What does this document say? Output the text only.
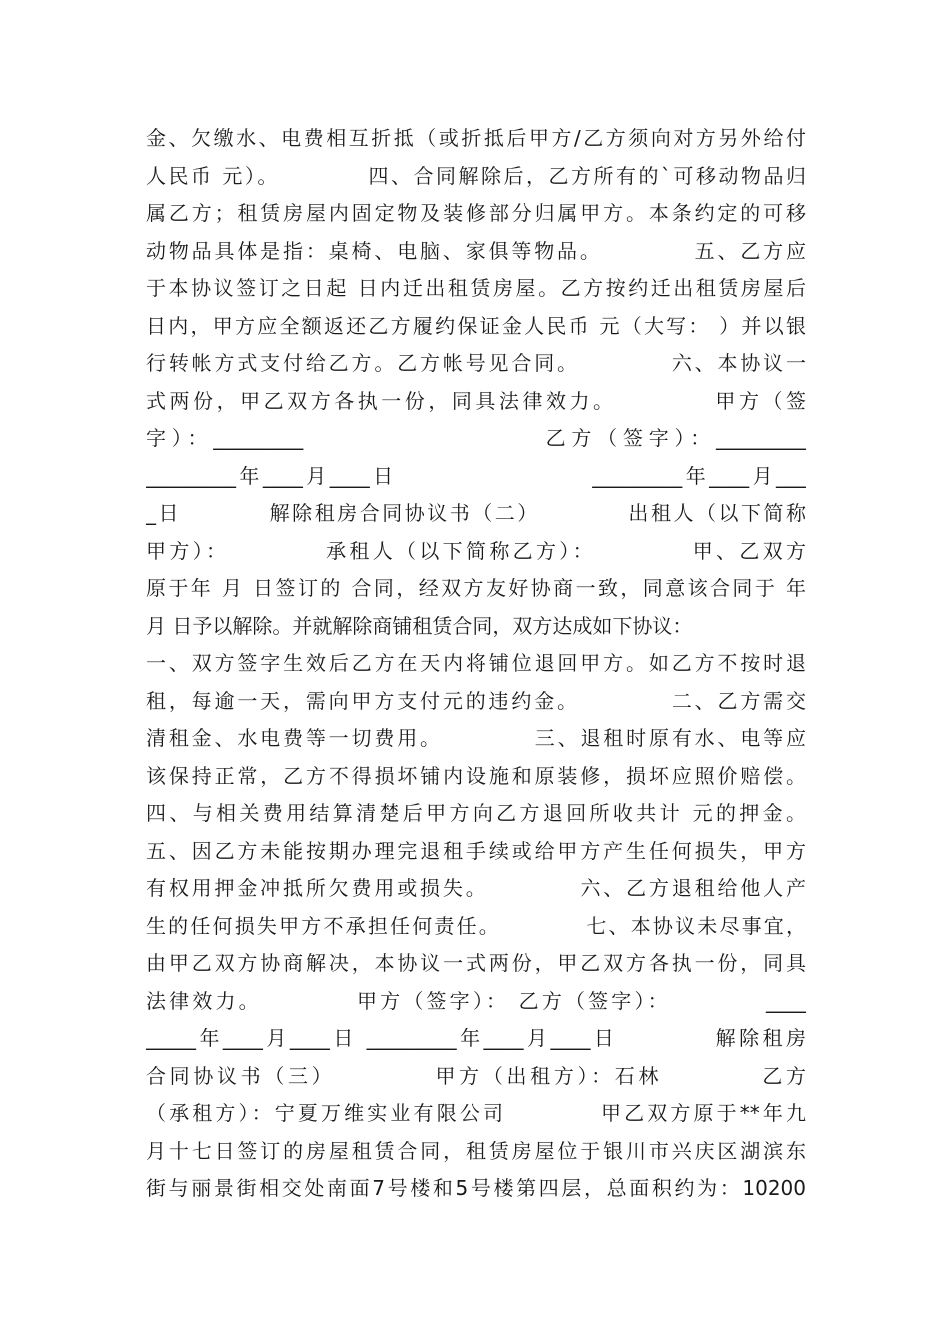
金、欠缴水、电费相互折抵（或折抵后甲方/乙方须向对方另外给付
人民币 元）。          四、合同解除后，乙方所有的`可移动物品归
属乙方；租赁房屋内固定物及装修部分归属甲方。本条约定的可移
动物品具体是指：桌椅、电脑、家俱等物品。          五、乙方应
于本协议签订之日起 日内迁出租赁房屋。乙方按约迁出租赁房屋后
日内，甲方应全额返还乙方履约保证金人民币 元（大写： ）并以银
行转帐方式支付给乙方。乙方帐号见合同。          六、本协议一
式两份，甲乙双方各执一份，同具法律效力。          甲方（签
字）：_________                    乙方（签字）：_________
_________年____月____日                    _________年____月___
_日          解除租房合同协议书（二）          出租人（以下简称
甲方）：          承租人（以下简称乙方）：          甲、乙双方
原于年 月 日签订的 合同，经双方友好协商一致，同意该合同于 年
月 日予以解除。并就解除商铺租赁合同，双方达成如下协议：
一、双方签字生效后乙方在天内将铺位退回甲方。如乙方不按时退
租，每逾一天，需向甲方支付元的违约金。          二、乙方需交
清租金、水电费等一切费用。          三、退租时原有水、电等应
该保持正常，乙方不得损坏铺内设施和原装修，损坏应照价赔偿。
四、与相关费用结算清楚后甲方向乙方退回所收共计 元的押金。
五、因乙方未能按期办理完退租手续或给甲方产生任何损失，甲方
有权用押金冲抵所欠费用或损失。          六、乙方退租给他人产
生的任何损失甲方不承担任何责任。          七、本协议未尽事宜，
由甲乙双方协商解决，本协议一式两份，甲乙双方各执一份，同具
法律效力。          甲方（签字）： 乙方（签字）：          ____
_____年____月____日 _________年____月____日          解除租房
合同协议书（三）          甲方（出租方）：石林          乙方
（承租方）：宁夏万维实业有限公司          甲乙双方原于**年九
月十七日签订的房屋租赁合同，租赁房屋位于银川市兴庆区湖滨东
街与丽景街相交处南面7号楼和5号楼第四层，总面积约为：10200
